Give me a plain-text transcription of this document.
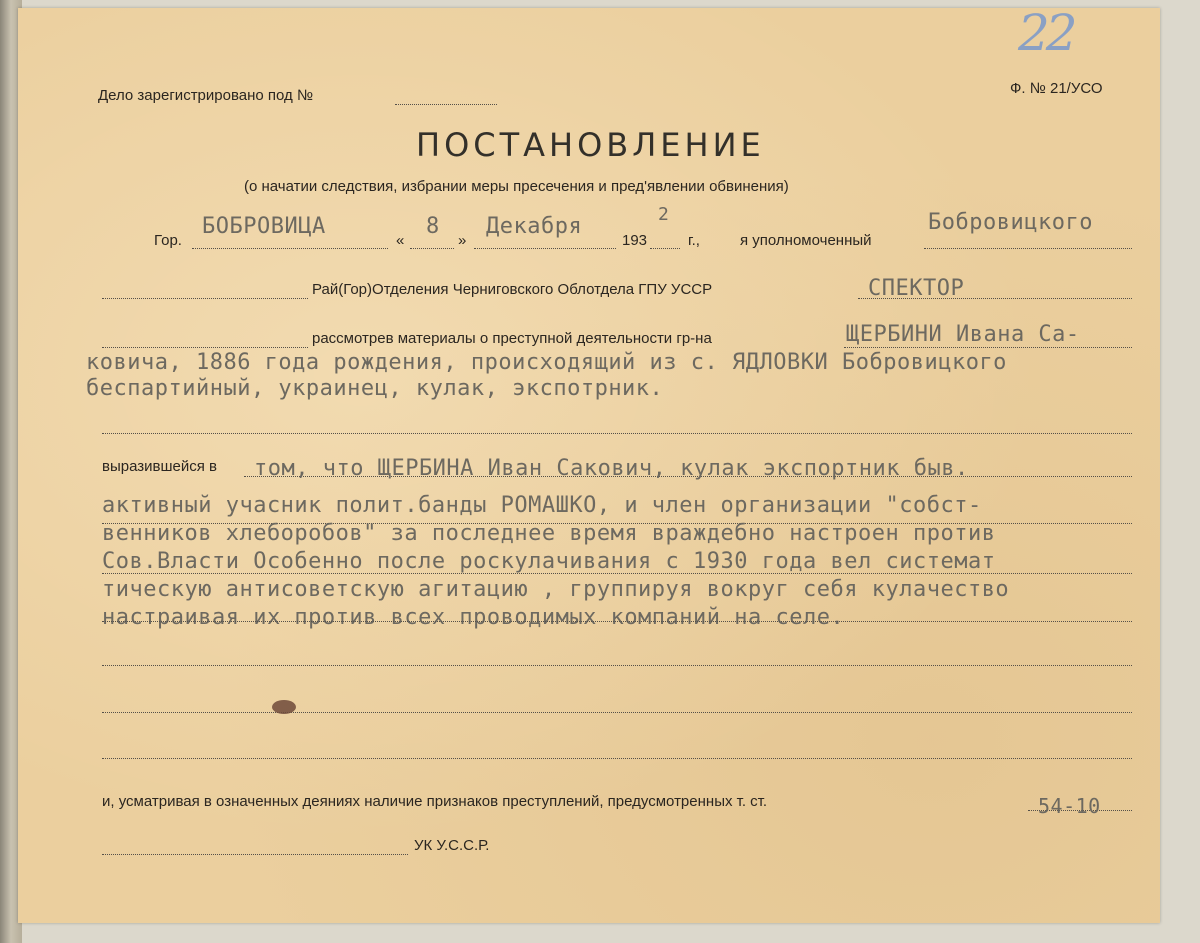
Дело зарегистрировано под №	Ф. № 21/УСО
22
ПОСТАНОВЛЕНИЕ
(о начатии следствия, избрании меры пресечения и пред'явлении обвинения)
Гор.
БОБРОВИЦА
«
8
»
Декабря
193
2
г.,	я уполномоченный
Бобровицкого
Рай(Гор)Отделения Черниговского Облотдела ГПУ УССР	СПЕКТОР
рассмотрев материалы о преступной деятельности гр-на	ЩЕРБИНИ Ивана Са-
ковича, 1886 года рождения, происходящий из с. ЯДЛОВКИ Бобровицкого
беспартийный, украинец, кулак, экспотрник.
выразившейся в том, что ЩЕРБИНА Иван Сакович, кулак экспортник быв.
активный учасник полит.банды РОМАШКО, и член организации "собст-
венников хлеборобов" за последнее время враждебно настроен против
Сов.Власти Особенно после роскулачивания с 1930 года вел системат
тическую антисоветскую агитацию , группируя вокруг себя кулачество
настраивая их против всех проводимых компаний на селе.
и, усматривая в означенных деяниях наличие признаков преступлений, предусмотренных т. ст.	54-10
УК У.С.С.Р.
